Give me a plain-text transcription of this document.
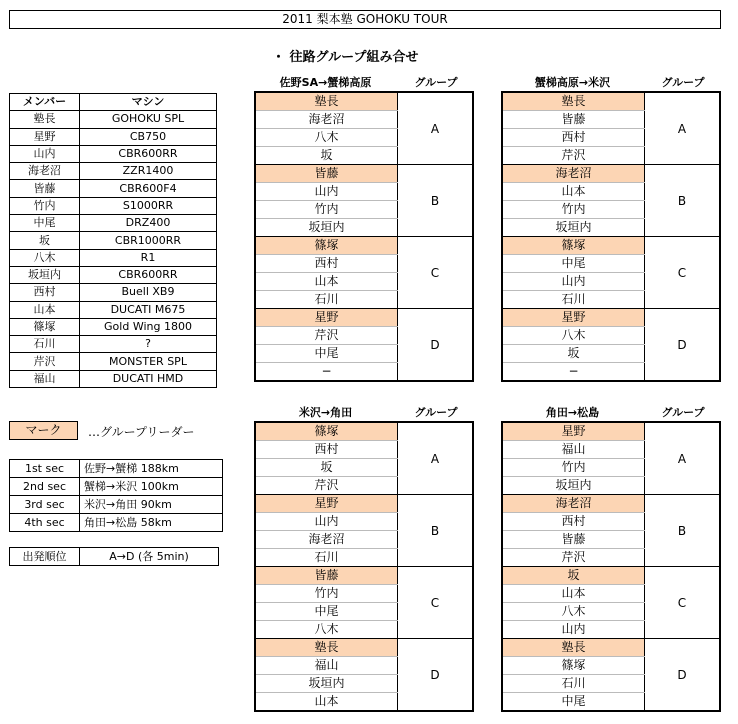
2011 梨本塾 GOHOKU TOUR
・ 往路グループ組み合せ
メンバー	マシン
塾長	GOHOKU SPL
星野	CB750
山内	CBR600RR
海老沼	ZZR1400
皆藤	CBR600F4
竹内	S1000RR
中尾	DRZ400
坂	CBR1000RR
八木	R1
坂垣内	CBR600RR
西村	Buell XB9
山本	DUCATI M675
篠塚	Gold Wing 1800
石川	?
芹沢	MONSTER SPL
福山	DUCATI HMD
マーク	…グループリーダー
1st sec	佐野→蟹梯 188km
2nd sec	蟹梯→米沢 100km
3rd sec	米沢→角田 90km
4th sec	角田→松島 58km
出発順位	A→D (各 5min)
佐野SA→蟹梯高原	グループ
塾長	A
海老沼	
八木	
坂	
皆藤	B
山内	
竹内	
坂垣内	
篠塚	C
西村	
山本	
石川	
星野	D
芹沢	
中尾	
−	
蟹梯高原→米沢	グループ
塾長	A
皆藤	
西村	
芹沢	
海老沼	B
山本	
竹内	
坂垣内	
篠塚	C
中尾	
山内	
石川	
星野	D
八木	
坂	
−	
米沢→角田	グループ
篠塚	A
西村	
坂	
芹沢	
星野	B
山内	
海老沼	
石川	
皆藤	C
竹内	
中尾	
八木	
塾長	D
福山	
坂垣内	
山本	
角田→松島	グループ
星野	A
福山	
竹内	
坂垣内	
海老沼	B
西村	
皆藤	
芹沢	
坂	C
山本	
八木	
山内	
塾長	D
篠塚	
石川	
中尾	
